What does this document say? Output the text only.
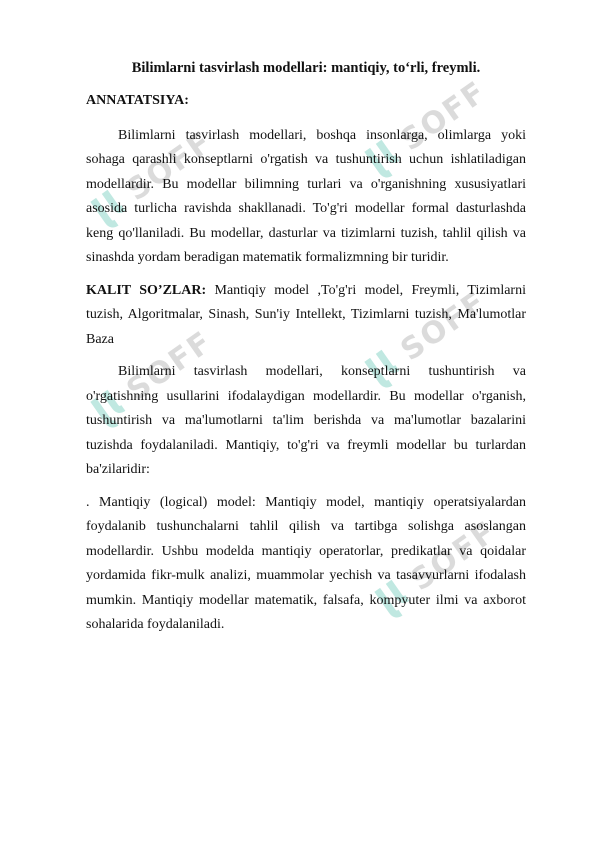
SOFF
SOFF
SOFF	SOFF
SOFF
Bilimlarni tasvirlash modellari: mantiqiy, to‘rli, freymli.
ANNATATSIYA:

Bilimlarni tasvirlash modellari, boshqa insonlarga, olimlarga yoki sohaga qarashli konseptlarni o'rgatish va tushuntirish uchun ishlatiladigan modellardir. Bu modellar bilimning turlari va o'rganishning xususiyatlari asosida turlicha ravishda shakllanadi. To'g'ri modellar formal dasturlashda keng qo'llaniladi. Bu modellar, dasturlar va tizimlarni tuzish, tahlil qilish va sinashda yordam beradigan matematik formalizmning bir turidir.

KALIT SO’ZLAR: Mantiqiy model ,To'g'ri model, Freymli, Tizimlarni tuzish, Algoritmalar, Sinash, Sun'iy Intellekt, Tizimlarni tuzish, Ma'lumotlar Baza

Bilimlarni tasvirlash modellari, konseptlarni tushuntirish va o'rgatishning usullarini ifodalaydigan modellardir. Bu modellar o'rganish, tushuntirish va ma'lumotlarni ta'lim berishda va ma'lumotlar bazalarini tuzishda foydalaniladi. Mantiqiy, to'g'ri va freymli modellar bu turlardan ba'zilaridir:

. Mantiqiy (logical) model: Mantiqiy model, mantiqiy operatsiyalardan foydalanib tushunchalarni tahlil qilish va tartibga solishga asoslangan modellardir. Ushbu modelda mantiqiy operatorlar, predikatlar va qoidalar yordamida fikr-mulk analizi, muammolar yechish va tasavvurlarni ifodalash mumkin. Mantiqiy modellar matematik, falsafa, kompyuter ilmi va axborot sohalarida foydalaniladi.
